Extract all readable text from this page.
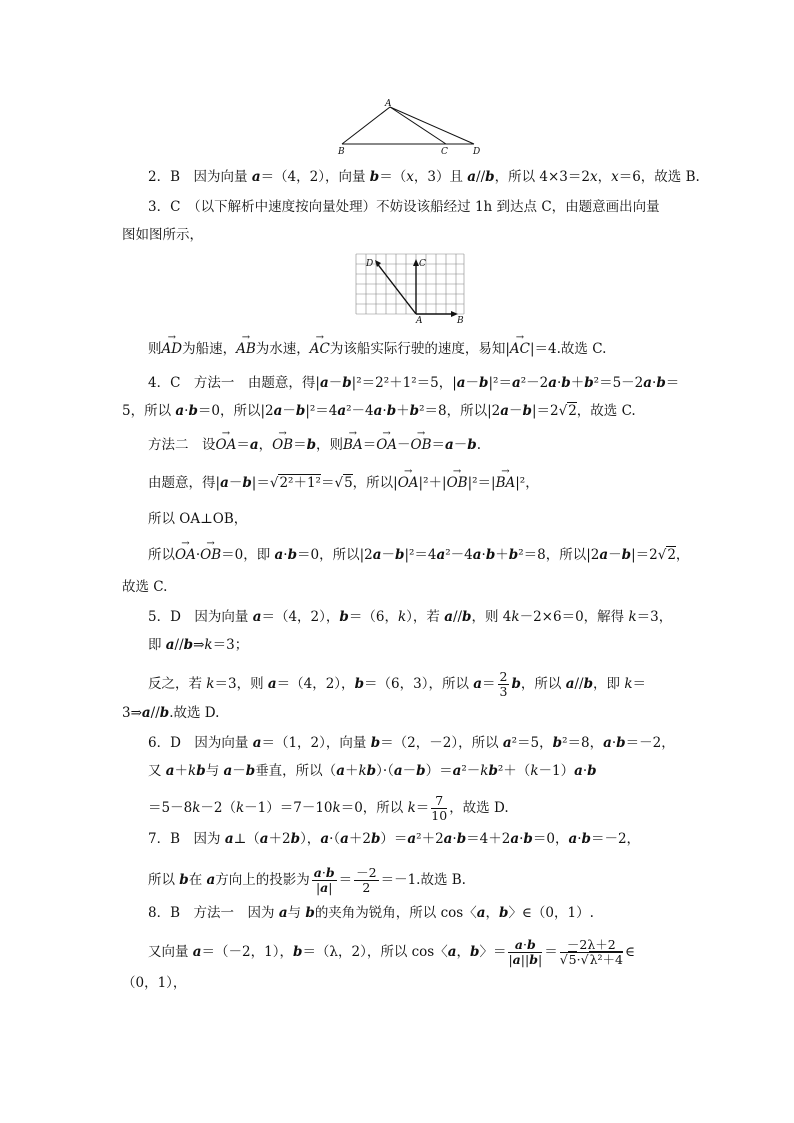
A
B	C	D
2．B　因为向量 a＝（4，2），向量 b＝（x，3）且 a//b，所以 4×3＝2x，x＝6，故选 B.
3．C　（以下解析中速度按向量处理）不妨设该船经过 1h 到达点 C，由题意画出向量
图如图所示，
D	C
A	B
则→ AD为船速，→ AB为水速，→ AC为该船实际行驶的速度，易知|→ AC|＝4.故选 C.
4．C　方法一　由题意，得|a－b|²＝2²＋1²＝5，|a－b|²＝a²－2a·b＋b²＝5－2a·b＝
5，所以 a·b＝0，所以|2a－b|²＝4a²－4a·b＋b²＝8，所以|2a－b|＝2√2，故选 C.
方法二　设→ OA＝a，→ OB＝b，则→ BA＝→ OA－→ OB＝a－b.
由题意，得|a－b|＝√2²＋1²＝√5，所以|→ OA|²＋|→ OB|²＝|→ BA|²，
所以 OA⊥OB，
所以→ OA·→ OB＝0，即 a·b＝0，所以|2a－b|²＝4a²－4a·b＋b²＝8，所以|2a－b|＝2√2，
故选 C.
5．D　因为向量 a＝（4，2），b＝（6，k），若 a//b，则 4k－2×6＝0，解得 k＝3，
即 a//b⇒k＝3；
反之，若 k＝3，则 a＝（4，2），b＝（6，3），所以 $a= \frac{2}{3}$ b，所以 a//b，即 k＝
3⇒a//b.故选 D.
6．D　因为向量 a＝（1，2），向量 b＝（2，－2），所以 a²＝5，b²＝8，a·b＝－2，
又 a＋kb与 a－b垂直，所以（a＋kb）·（a－b）＝a²－kb²＋（k－1）a·b
＝5－8k－2（k－1）＝7－10k＝0，所以 $k= \frac{7}{10}$ ，故选 D.
7．B　因为 a⊥（a＋2b），a·（a＋2b）＝a²＋2a·b＝4＋2a·b＝0，a·b＝－2，
所以 b在 a方向上的投影为 $\frac{a\cdot b}{|a|} = \frac{-2}{2} =-1$.故选 B.
8．B　方法一　因为 a与 b的夹角为锐角，所以 cos〈a，b〉∈（0，1）.
又向量 a＝（－2，1），b＝（λ，2），所以 cos〈a，b〉＝ $\frac{a\cdot b}{|a||b|} = \frac{-2\lambda+2}{\text{√5·√λ²＋4}}$ ∈
（0，1），
